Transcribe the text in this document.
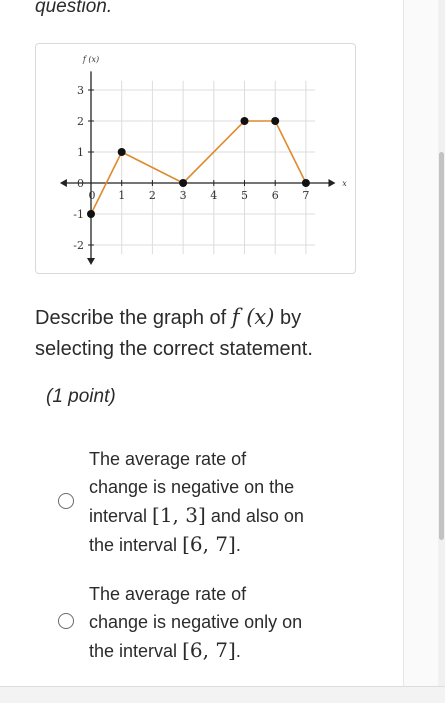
question.
0 1 2 3 4 5 6 7
3
2
1
0
-1
-2
f (x)
x
Describe the graph of f (x) by selecting the correct statement.
(1 point)
The average rate of
change is negative on the
interval [1, 3] and also on
the interval [6, 7].
The average rate of
change is negative only on
the interval [6, 7].
